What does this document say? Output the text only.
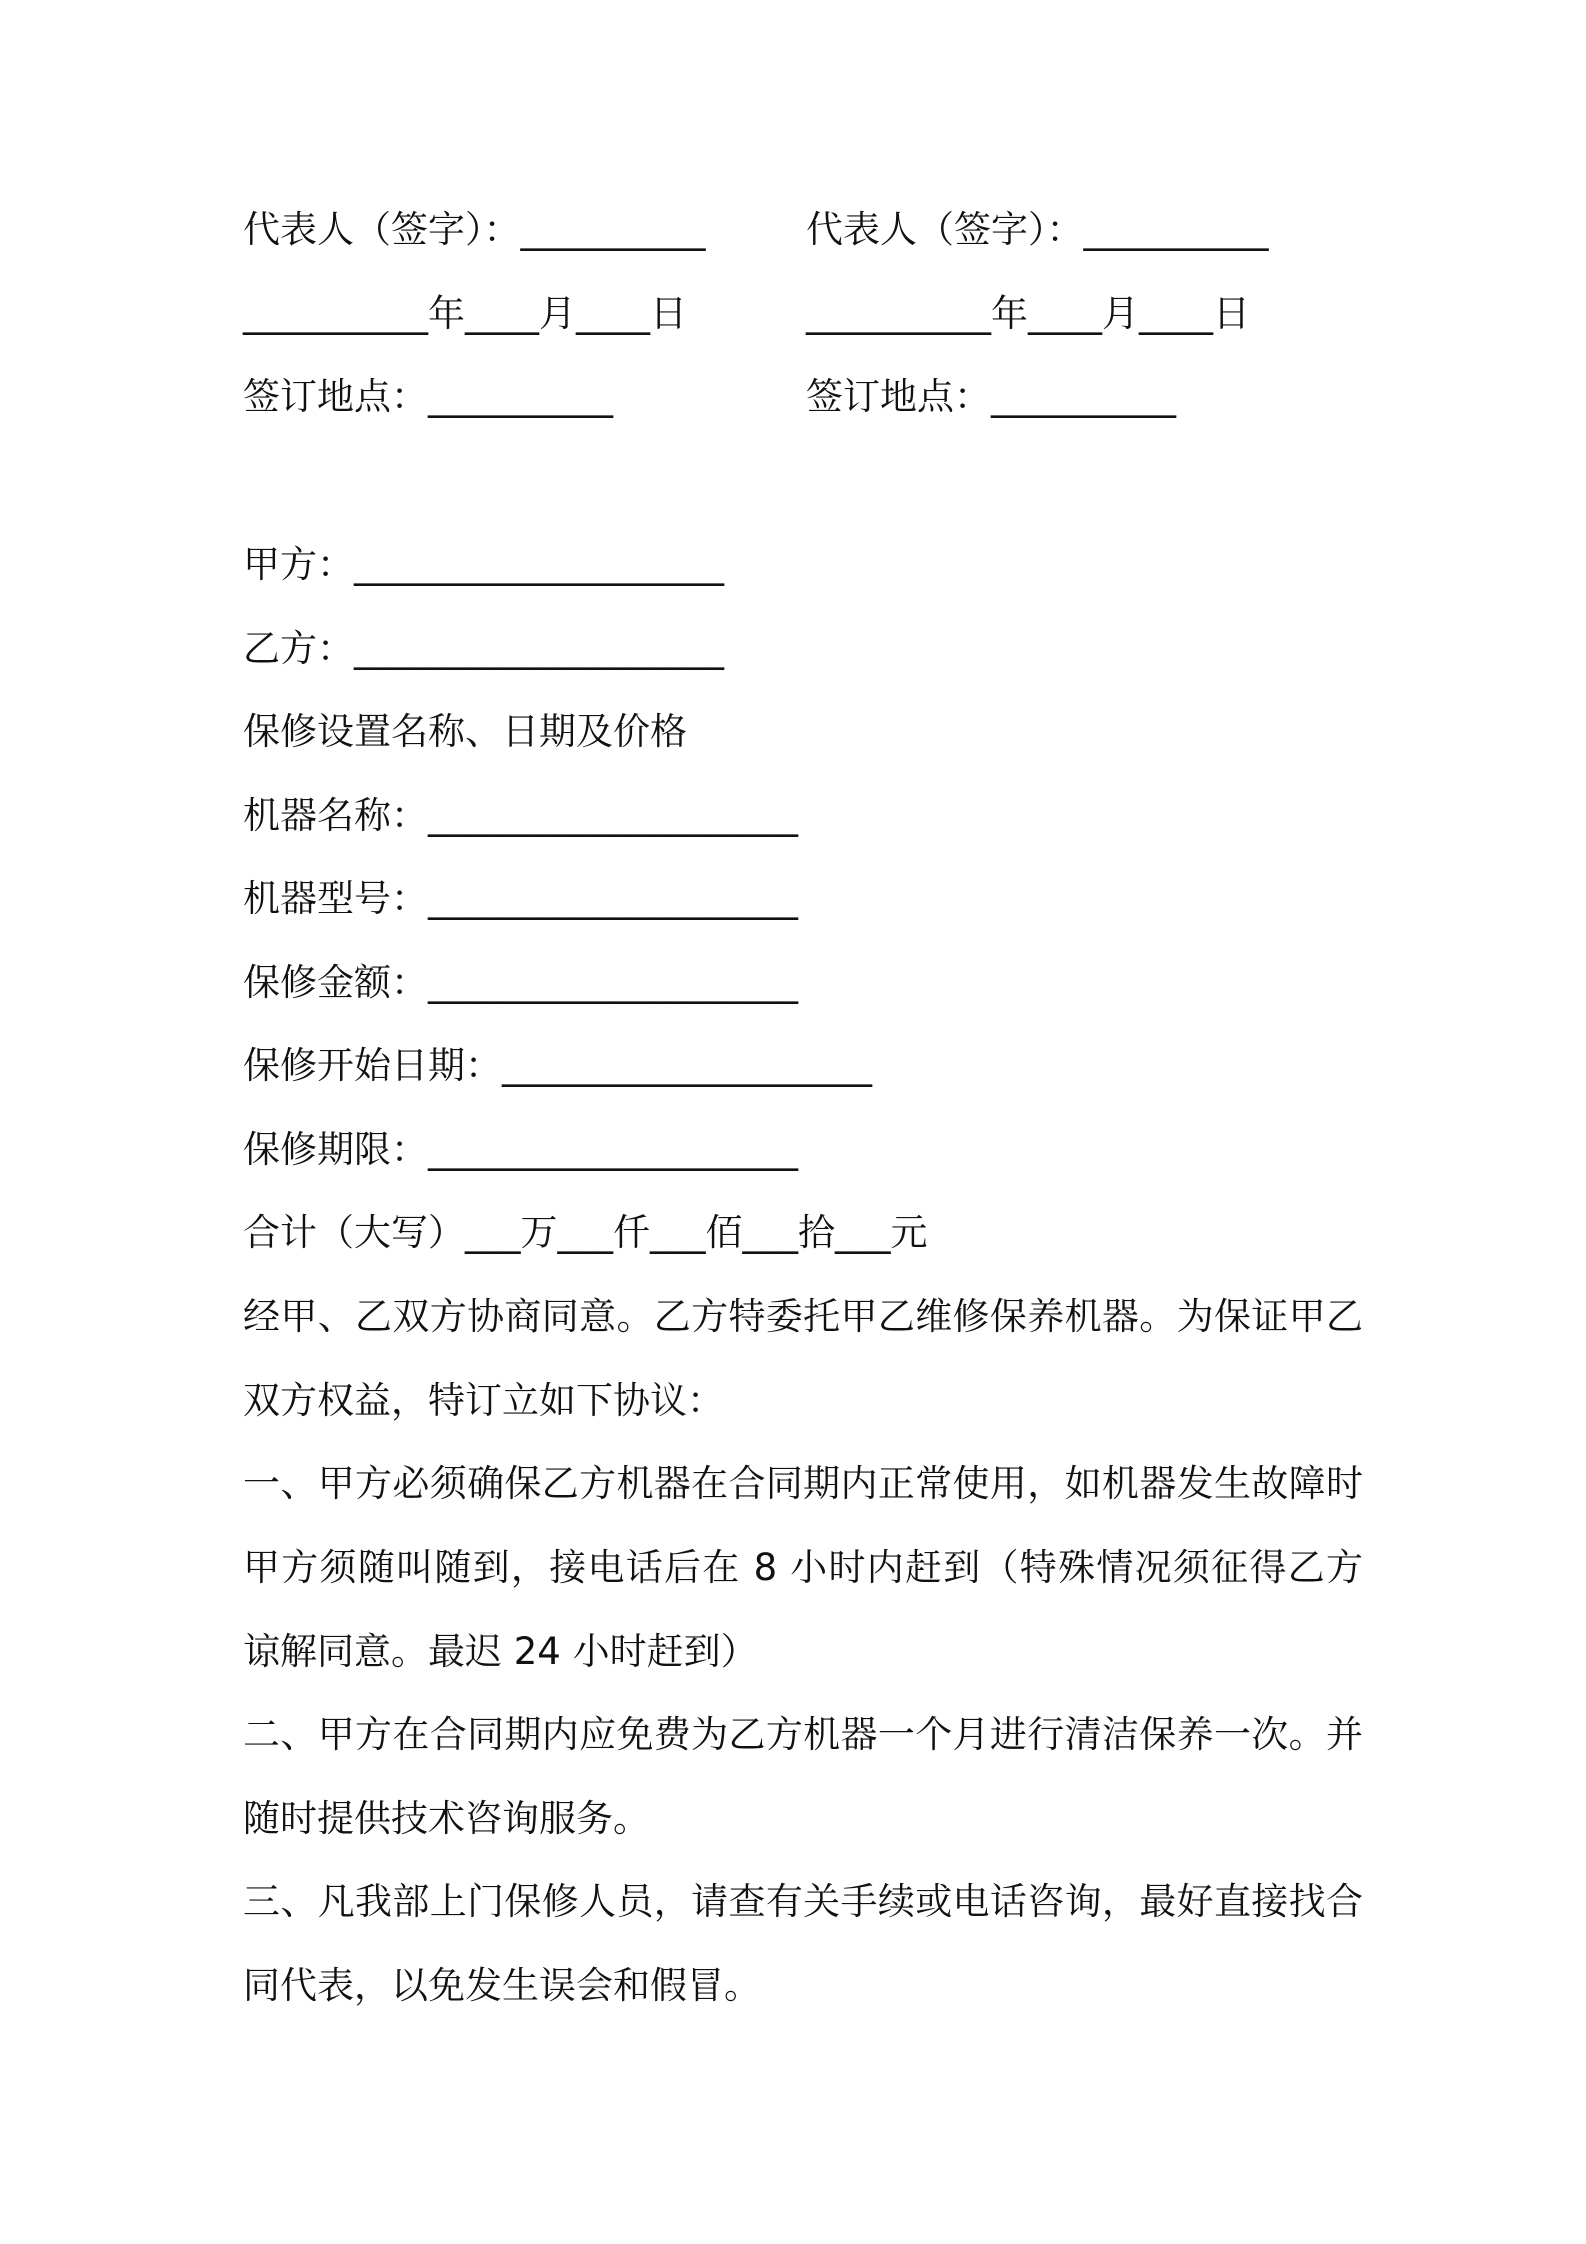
代表人（签字）：__________	代表人（签字）：__________

__________年____月____日	__________年____月____日

签订地点：__________	签订地点：__________

甲方：____________________

乙方：____________________

保修设置名称、日期及价格

机器名称：____________________

机器型号：____________________

保修金额：____________________

保修开始日期：____________________

保修期限：____________________

合计（大写）___万___仟___佰___拾___元

经甲、乙双方协商同意。乙方特委托甲乙维修保养机器。为保证甲乙双方权益，特订立如下协议：

一、甲方必须确保乙方机器在合同期内正常使用，如机器发生故障时甲方须随叫随到，接电话后在 8 小时内赶到（特殊情况须征得乙方谅解同意。最迟 24 小时赶到）

二、甲方在合同期内应免费为乙方机器一个月进行清洁保养一次。并随时提供技术咨询服务。

三、凡我部上门保修人员，请查有关手续或电话咨询，最好直接找合同代表，以免发生误会和假冒。
